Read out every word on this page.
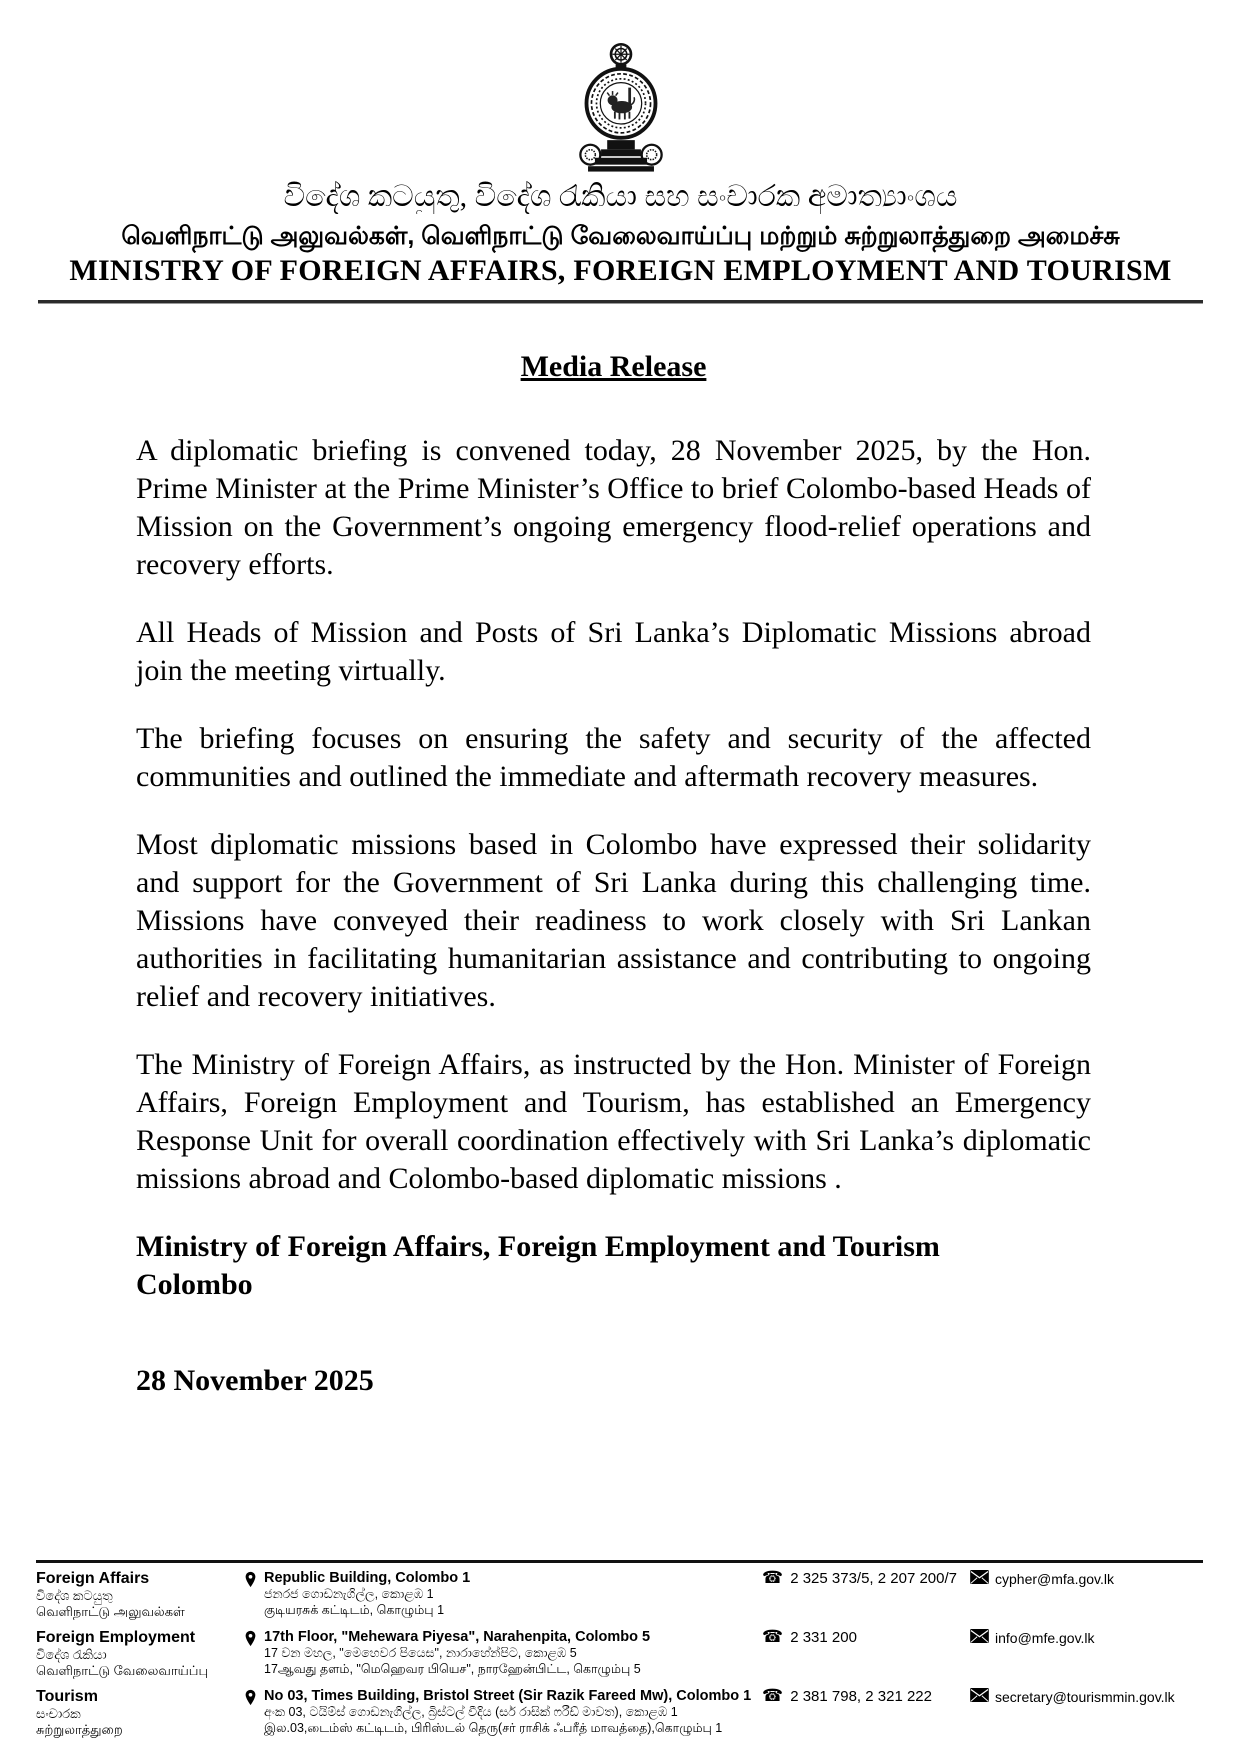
විදේශ කටයුතු, විදේශ රැකියා සහ සංචාරක අමාත්‍යාංශය
வெளிநாட்டு அலுவல்கள், வெளிநாட்டு வேலைவாய்ப்பு மற்றும் சுற்றுலாத்துறை அமைச்சு
MINISTRY OF FOREIGN AFFAIRS, FOREIGN EMPLOYMENT AND TOURISM
Media Release

A diplomatic briefing is convened today, 28 November 2025, by the Hon. Prime Minister at the Prime Minister’s Office to brief Colombo-based Heads of Mission on the Government’s ongoing emergency flood-relief operations and recovery efforts.

All Heads of Mission and Posts of Sri Lanka’s Diplomatic Missions abroad join the meeting virtually.

The briefing focuses on ensuring the safety and security of the affected communities and outlined the immediate and aftermath recovery measures.

Most diplomatic missions based in Colombo have expressed their solidarity and support for the Government of Sri Lanka during this challenging time. Missions have conveyed their readiness to work closely with Sri Lankan authorities in facilitating humanitarian assistance and contributing to ongoing relief and recovery initiatives.

The Ministry of Foreign Affairs, as instructed by the Hon. Minister of Foreign Affairs, Foreign Employment and Tourism, has established an Emergency Response Unit for overall coordination effectively with Sri Lanka’s diplomatic missions abroad and Colombo-based diplomatic missions .

Ministry of Foreign Affairs, Foreign Employment and Tourism
Colombo
28 November 2025
Foreign Affairs
විදේශ කටයුතු
வெளிநாட்டு அலுவல்கள்
Republic Building, Colombo 1
ජනරජ ගොඩනැගිල්ල, කොළඹ 1
குடியரசுக் கட்டிடம், கொழும்பு 1
☎ 2 325 373/5, 2 207 200/7	cypher@mfa.gov.lk
Foreign Employment
විදේශ රැකියා
வெளிநாட்டு வேலைவாய்ப்பு
17th Floor, "Mehewara Piyesa", Narahenpita, Colombo 5
17 වන මහල, "මෙහෙවර පියෙස", නාරාහේන්පිට, කොළඹ 5
17ஆவது தளம், "மெஹெவர பியெச", நாரஹேன்பிட்ட, கொழும்பு 5
☎ 2 331 200	info@mfe.gov.lk
Tourism
සංචාරක
சுற்றுலாத்துறை
No 03, Times Building, Bristol Street (Sir Razik Fareed Mw), Colombo 1
අංක 03, ටයිම්ස් ගොඩනැගිල්ල, බ්‍රිස්ටල් වීදිය (සර් රාසික් ෆරීඩ් මාවත), කොළඹ 1
இல.03,டைம்ஸ் கட்டிடம், பிரிஸ்டல் தெரு(சர் ராசிக் ஃபரீத் மாவத்தை),கொழும்பு 1
☎ 2 381 798, 2 321 222	secretary@tourismmin.gov.lk
